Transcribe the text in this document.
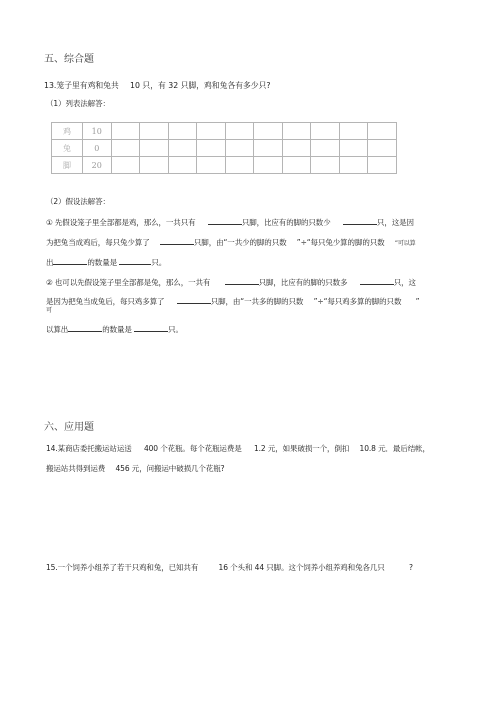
五、综合题
13.笼子里有鸡和兔共 10 只，有 32 只脚，鸡和兔各有多少只?
（1）列表法解答：
鸡	10										
兔	0										
脚	20										
（2）假设法解答：
① 先假设笼子里全部都是鸡，那么，一共只有	只脚，比应有的脚的只数少	只，这是因
为把兔当成鸡后，每只兔少算了	只脚，由“一共少的脚的只数 ”÷“每只兔少算的脚的只数 ”可以算
出	的数量是	只。
② 也可以先假设笼子里全部都是兔，那么，一共有	只脚，比应有的脚的只数多	只，这
是因为把兔当成兔后，每只鸡多算了	只脚，由“一共多的脚的只数 ”÷“每只鸡多算的脚的只数 ”
可
以算出	的数量是	只。
六、应用题
14.某商店委托搬运站运送 400 个花瓶。每个花瓶运费是 1.2 元，如果破损一个，倒扣 10.8 元．最后结帐，
搬运站共得到运费 456 元，问搬运中破损几个花瓶?
15.一个饲养小组养了若干只鸡和兔，已知共有	16 个头和 44 只脚。这个饲养小组养鸡和兔各几只	?
